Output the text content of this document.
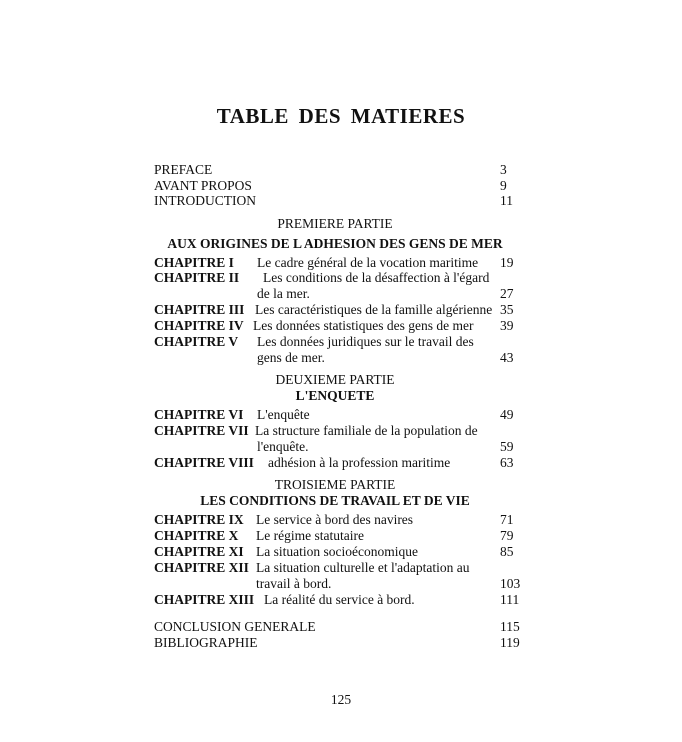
TABLE DES MATIERES
PREFACE	3
AVANT PROPOS	9
INTRODUCTION	11
PREMIERE PARTIE
AUX ORIGINES DE L ADHESION DES GENS DE MER
CHAPITRE I Le cadre général de la vocation maritime 19
CHAPITRE II Les conditions de la désaffection à l'égard
de la mer.	27
CHAPITRE III Les caractéristiques de la famille algérienne 35
CHAPITRE IV Les données statistiques des gens de mer 39
CHAPITRE V Les données juridiques sur le travail des
gens de mer.	43
DEUXIEME PARTIE
L'ENQUETE
CHAPITRE VI L'enquête	49
CHAPITRE VII La structure familiale de la population de
l'enquête.	59
CHAPITRE VIII adhésion à la profession maritime	63
TROISIEME PARTIE
LES CONDITIONS DE TRAVAIL ET DE VIE
CHAPITRE IX Le service à bord des navires	71
CHAPITRE X Le régime statutaire	79
CHAPITRE XI La situation socioéconomique	85
CHAPITRE XII La situation culturelle et l'adaptation au
travail à bord.	103
CHAPITRE XIII La réalité du service à bord.	111
CONCLUSION GENERALE	115
BIBLIOGRAPHIE	119
125
